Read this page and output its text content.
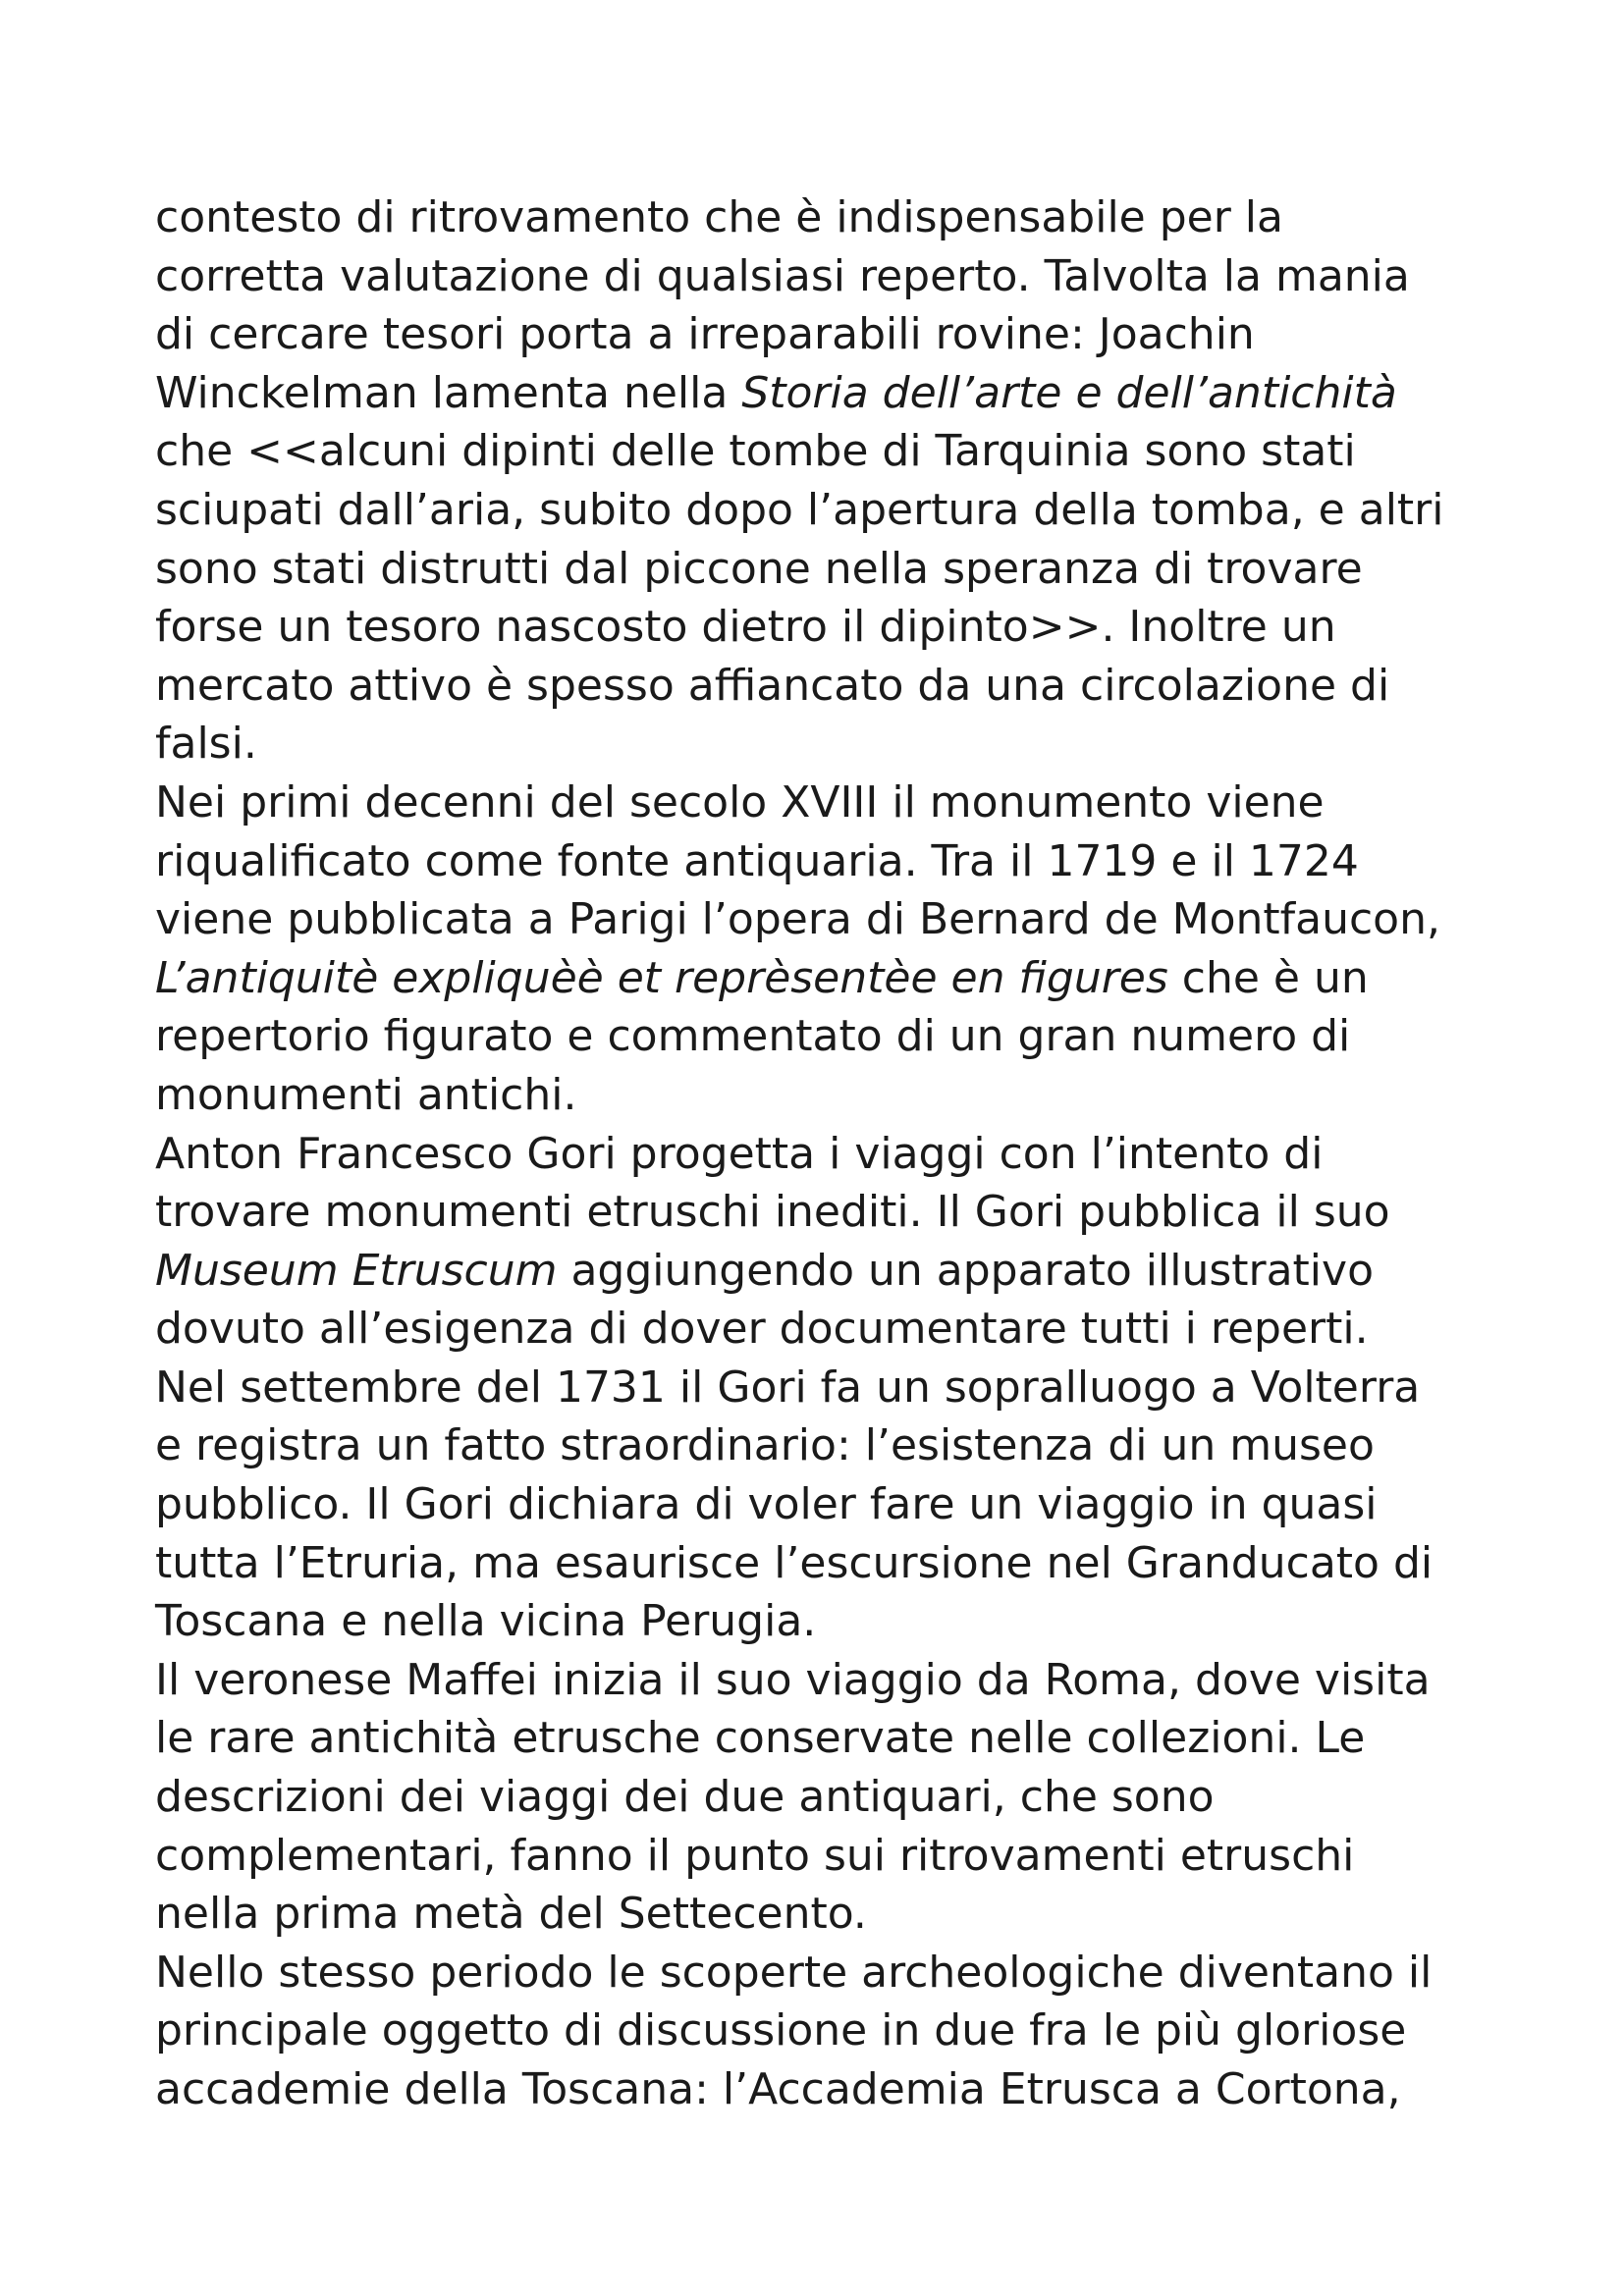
contesto di ritrovamento che è indispensabile per la
corretta valutazione di qualsiasi reperto. Talvolta la mania
di cercare tesori porta a irreparabili rovine: Joachin
Winckelman lamenta nella Storia dell’arte e dell’antichità
che <<alcuni dipinti delle tombe di Tarquinia sono stati
sciupati dall’aria, subito dopo l’apertura della tomba, e altri
sono stati distrutti dal piccone nella speranza di trovare
forse un tesoro nascosto dietro il dipinto>>. Inoltre un
mercato attivo è spesso affiancato da una circolazione di
falsi.
Nei primi decenni del secolo XVIII il monumento viene
riqualificato come fonte antiquaria. Tra il 1719 e il 1724
viene pubblicata a Parigi l’opera di Bernard de Montfaucon,
L’antiquitè expliquèè et reprèsentèe en figures che è un
repertorio figurato e commentato di un gran numero di
monumenti antichi.
Anton Francesco Gori progetta i viaggi con l’intento di
trovare monumenti etruschi inediti. Il Gori pubblica il suo
Museum Etruscum aggiungendo un apparato illustrativo
dovuto all’esigenza di dover documentare tutti i reperti.
Nel settembre del 1731 il Gori fa un sopralluogo a Volterra
e registra un fatto straordinario: l’esistenza di un museo
pubblico. Il Gori dichiara di voler fare un viaggio in quasi
tutta l’Etruria, ma esaurisce l’escursione nel Granducato di
Toscana e nella vicina Perugia.
Il veronese Maffei inizia il suo viaggio da Roma, dove visita
le rare antichità etrusche conservate nelle collezioni. Le
descrizioni dei viaggi dei due antiquari, che sono
complementari, fanno il punto sui ritrovamenti etruschi
nella prima metà del Settecento.
Nello stesso periodo le scoperte archeologiche diventano il
principale oggetto di discussione in due fra le più gloriose
accademie della Toscana: l’Accademia Etrusca a Cortona,
